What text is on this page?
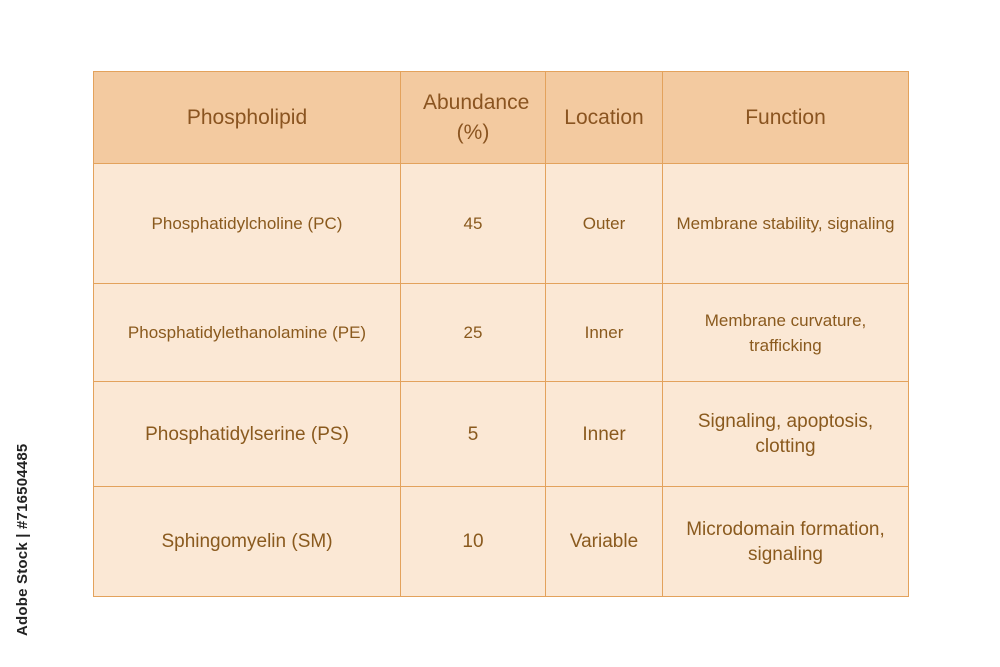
Adobe Stock | #716504485
Phospholipid	Abundance (%)	Location	Function
Phosphatidylcholine (PC)	45	Outer	Membrane stability, signaling

Phosphatidylethanolamine (PE)	25	Inner	Membrane curvature, trafficking

Phosphatidylserine (PS)	5	Inner	Signaling, apoptosis, clotting

Sphingomyelin (SM)	10	Variable	Microdomain formation, signaling
